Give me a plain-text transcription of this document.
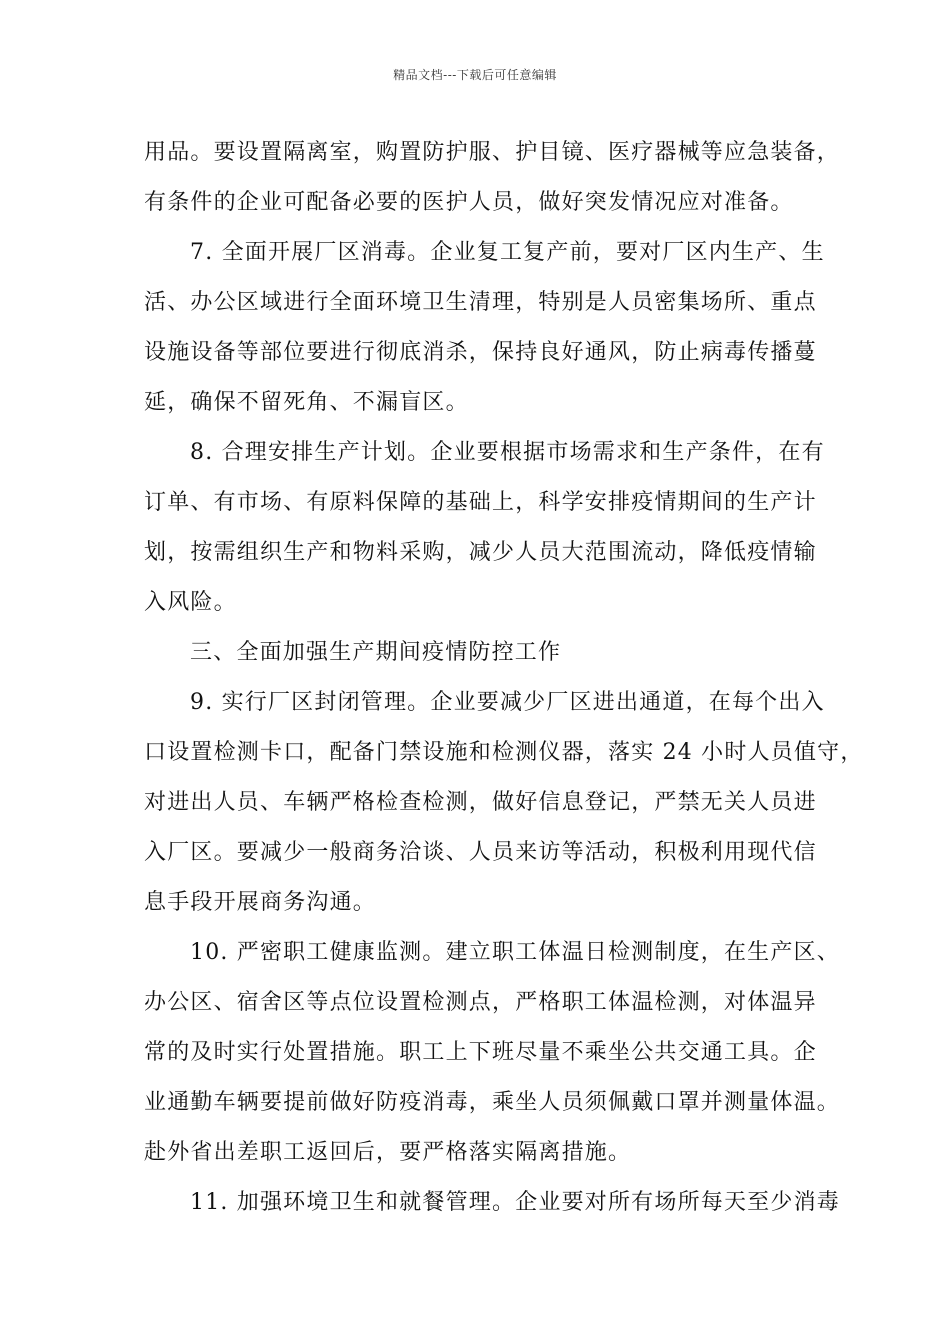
精品文档---下载后可任意编辑
用品。要设置隔离室，购置防护服、护目镜、医疗器械等应急装备，
有条件的企业可配备必要的医护人员，做好突发情况应对准备。
7. 全面开展厂区消毒。企业复工复产前，要对厂区内生产、生
活、办公区域进行全面环境卫生清理，特别是人员密集场所、重点
设施设备等部位要进行彻底消杀，保持良好通风，防止病毒传播蔓
延，确保不留死角、不漏盲区。
8. 合理安排生产计划。企业要根据市场需求和生产条件，在有
订单、有市场、有原料保障的基础上，科学安排疫情期间的生产计
划，按需组织生产和物料采购，减少人员大范围流动，降低疫情输
入风险。
三、全面加强生产期间疫情防控工作
9. 实行厂区封闭管理。企业要减少厂区进出通道，在每个出入
口设置检测卡口，配备门禁设施和检测仪器，落实 24 小时人员值守，
对进出人员、车辆严格检查检测，做好信息登记，严禁无关人员进
入厂区。要减少一般商务洽谈、人员来访等活动，积极利用现代信
息手段开展商务沟通。
10. 严密职工健康监测。建立职工体温日检测制度，在生产区、
办公区、宿舍区等点位设置检测点，严格职工体温检测，对体温异
常的及时实行处置措施。职工上下班尽量不乘坐公共交通工具。企
业通勤车辆要提前做好防疫消毒，乘坐人员须佩戴口罩并测量体温。
赴外省出差职工返回后，要严格落实隔离措施。
11. 加强环境卫生和就餐管理。企业要对所有场所每天至少消毒
